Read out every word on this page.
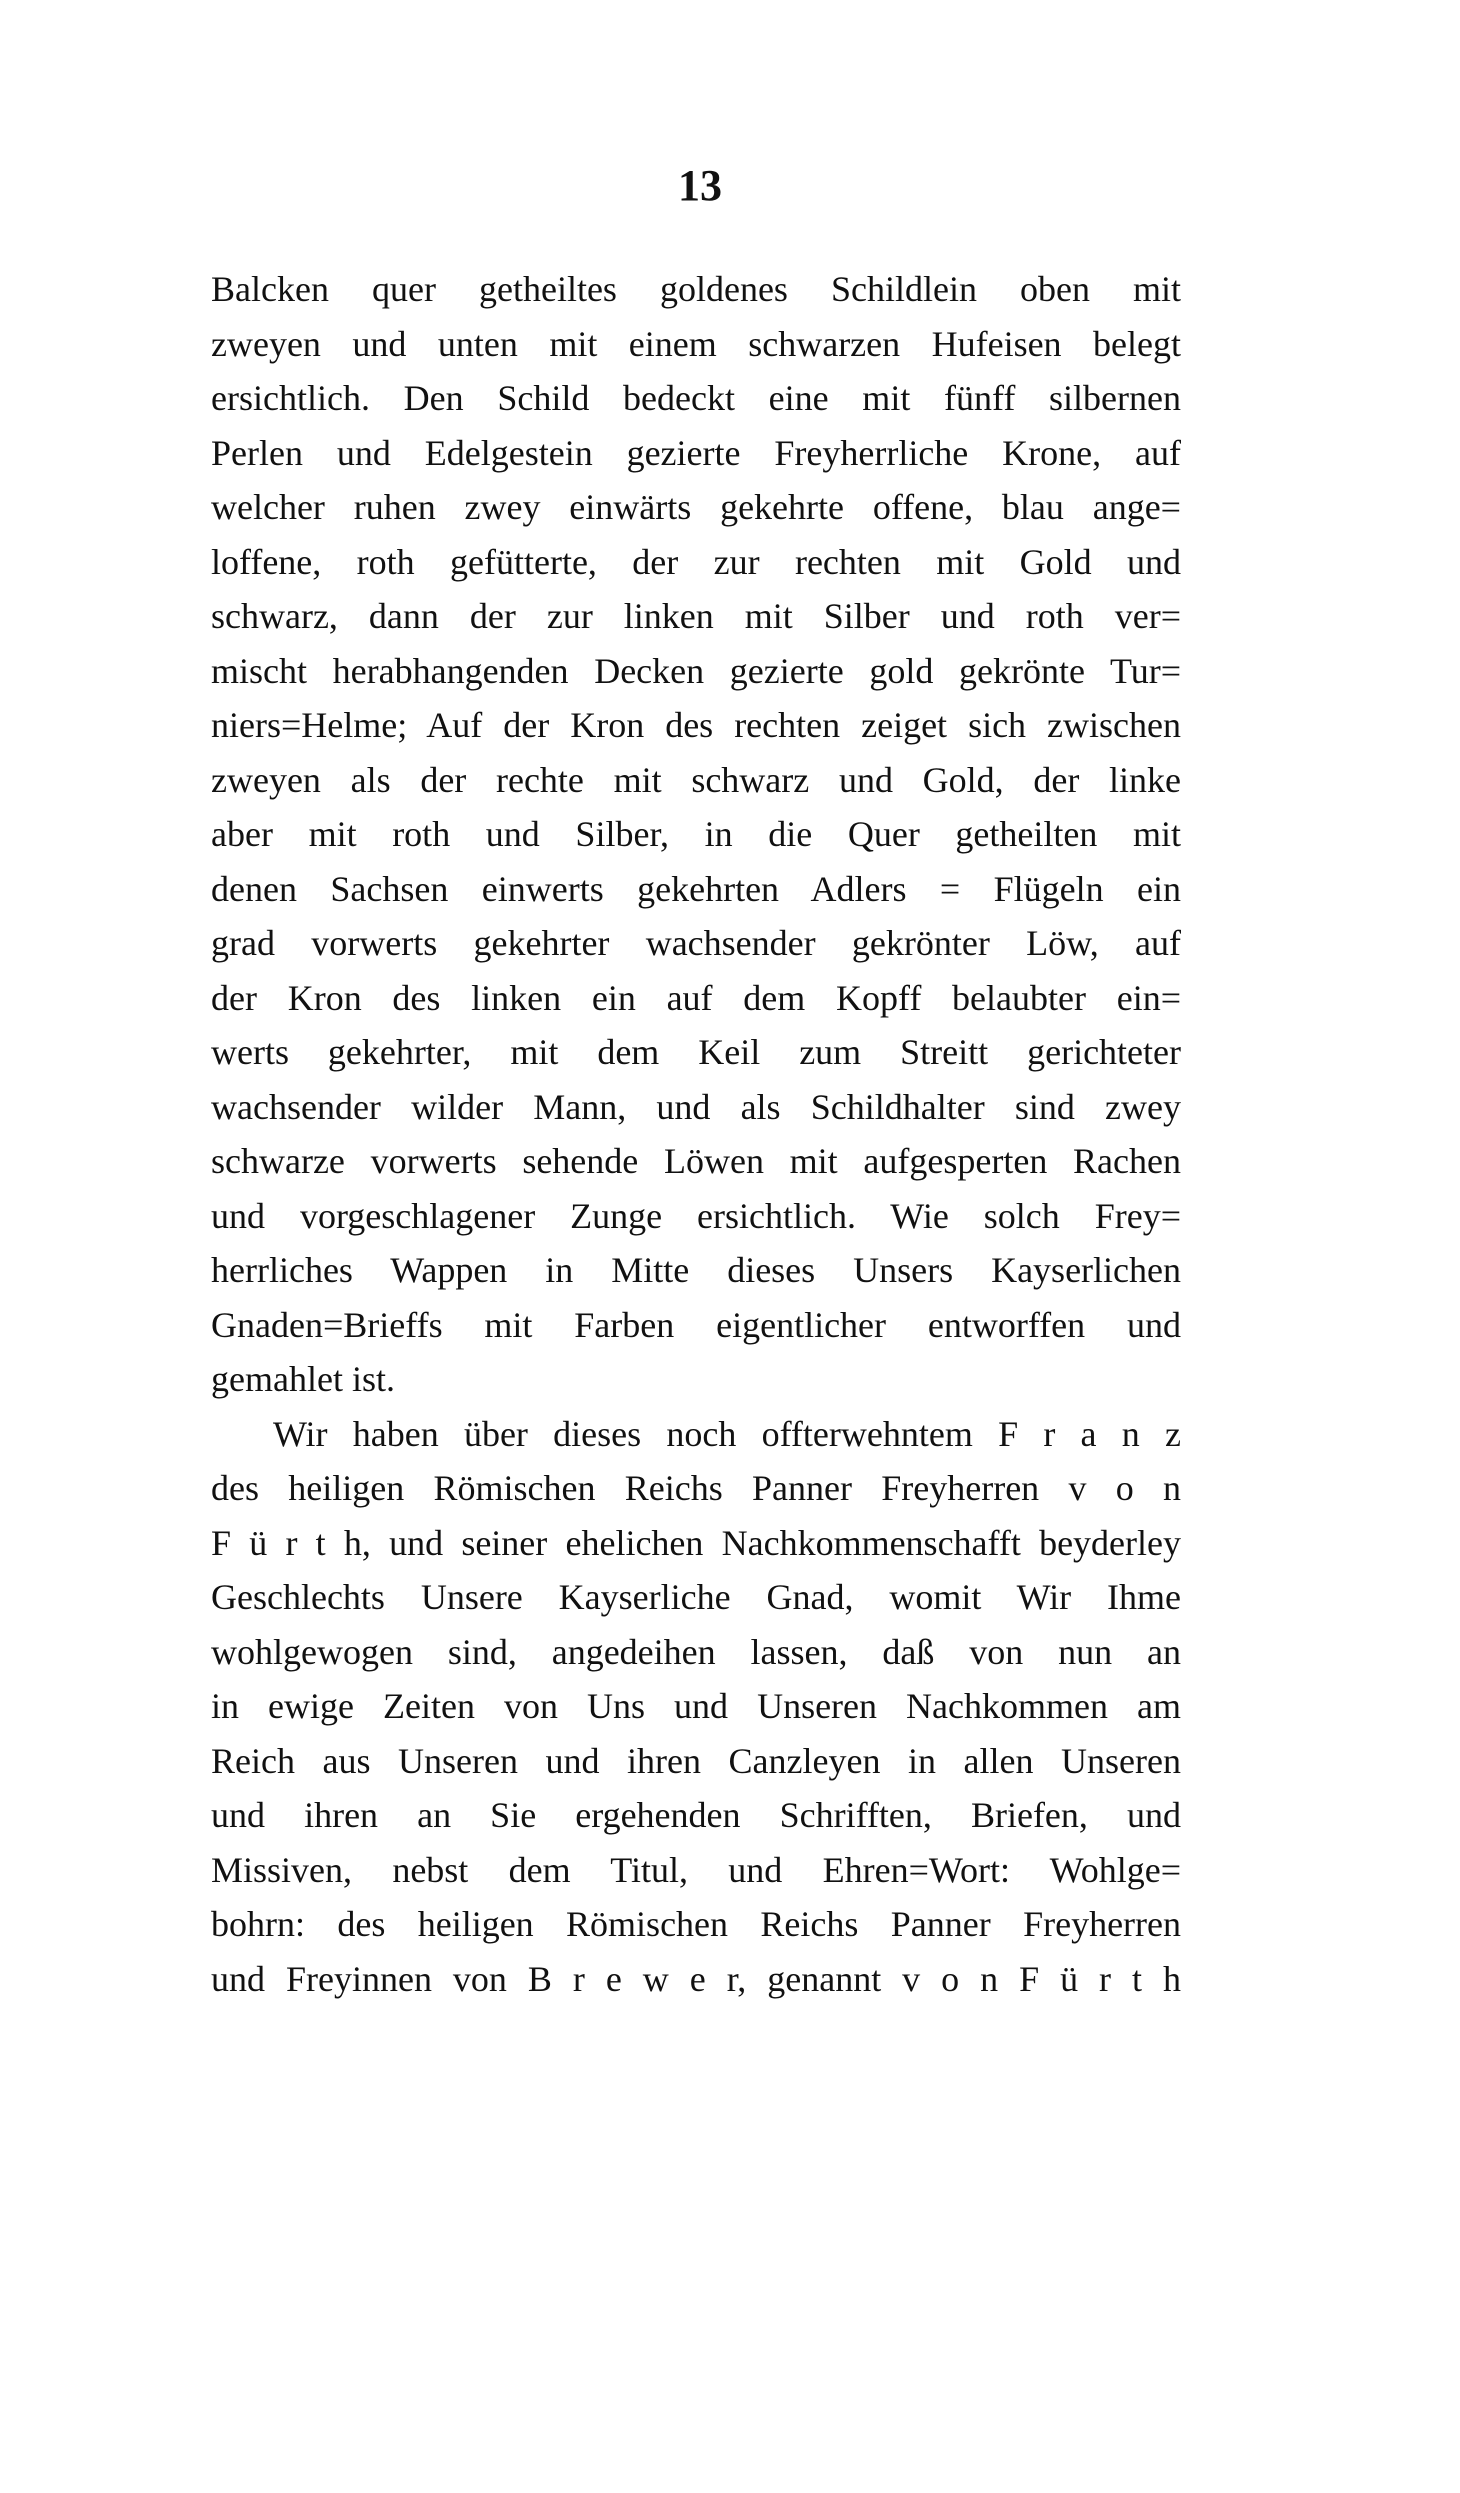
13
Balcken quer getheiltes goldenes Schildlein oben mit
zweyen und unten mit einem schwarzen Hufeisen belegt
ersichtlich. Den Schild bedeckt eine mit fünff silbernen
Perlen und Edelgestein gezierte Freyherrliche Krone, auf
welcher ruhen zwey einwärts gekehrte offene, blau ange=
loffene, roth gefütterte, der zur rechten mit Gold und
schwarz, dann der zur linken mit Silber und roth ver=
mischt herabhangenden Decken gezierte gold gekrönte Tur=
niers=Helme; Auf der Kron des rechten zeiget sich zwischen
zweyen als der rechte mit schwarz und Gold, der linke
aber mit roth und Silber, in die Quer getheilten mit
denen Sachsen einwerts gekehrten Adlers = Flügeln ein
grad vorwerts gekehrter wachsender gekrönter Löw, auf
der Kron des linken ein auf dem Kopff belaubter ein=
werts gekehrter, mit dem Keil zum Streitt gerichteter
wachsender wilder Mann, und als Schildhalter sind zwey
schwarze vorwerts sehende Löwen mit aufgesperten Rachen
und vorgeschlagener Zunge ersichtlich. Wie solch Frey=
herrliches Wappen in Mitte dieses Unsers Kayserlichen
Gnaden=Brieffs mit Farben eigentlicher entworffen und
gemahlet ist.
Wir haben über dieses noch offterwehntem F r a n z
des heiligen Römischen Reichs Panner Freyherren v o n
F ü r t h, und seiner ehelichen Nachkommenschafft beyderley
Geschlechts Unsere Kayserliche Gnad, womit Wir Ihme
wohlgewogen sind, angedeihen lassen, daß von nun an
in ewige Zeiten von Uns und Unseren Nachkommen am
Reich aus Unseren und ihren Canzleyen in allen Unseren
und ihren an Sie ergehenden Schrifften, Briefen, und
Missiven, nebst dem Titul, und Ehren=Wort: Wohlge=
bohrn: des heiligen Römischen Reichs Panner Freyherren
und Freyinnen von B r e w e r, genannt v o n F ü r t h
